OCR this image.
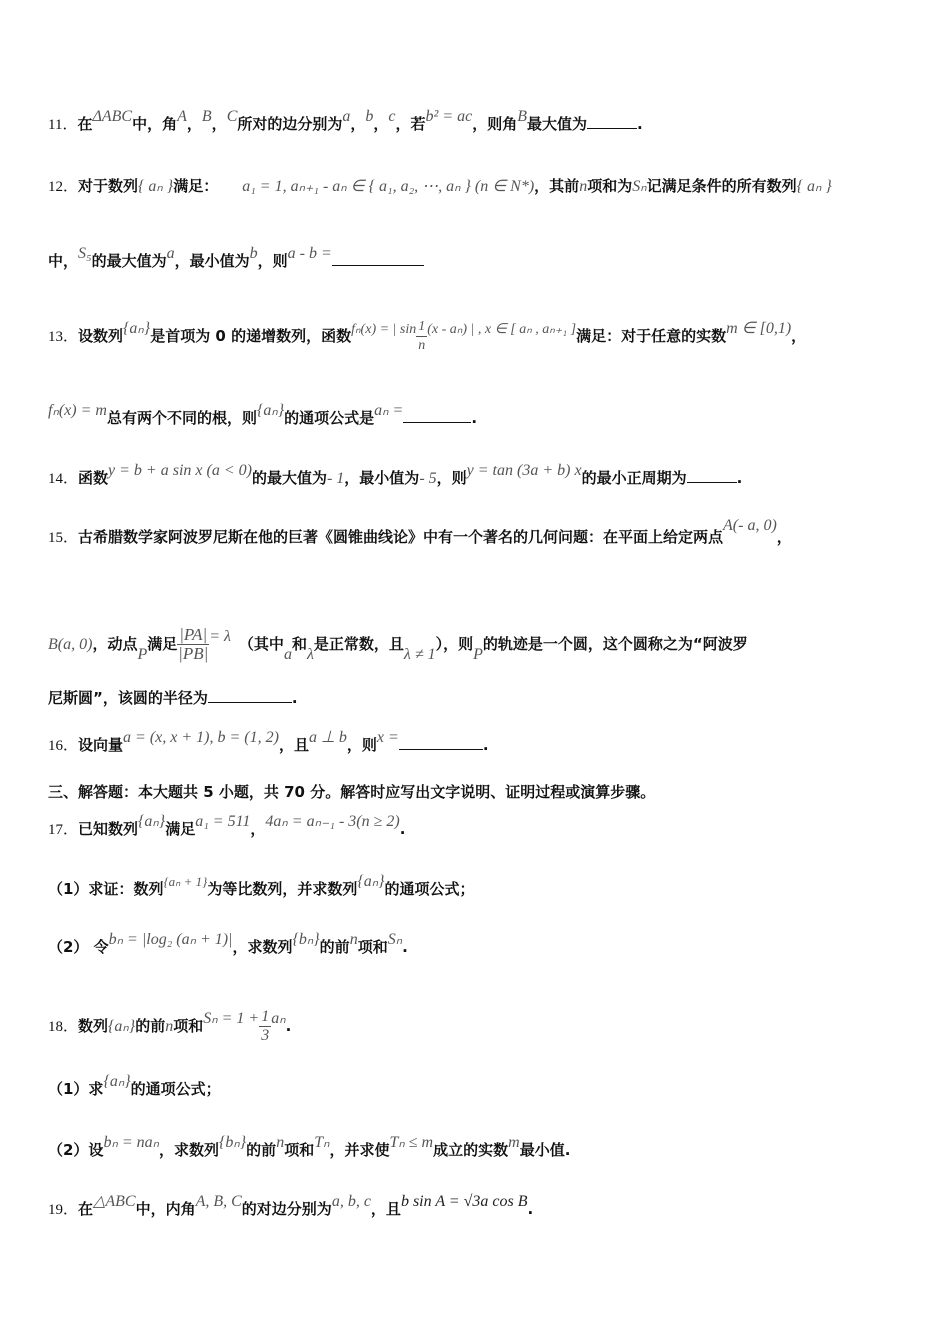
11．在ΔABC中，角A，B，C所对的边分别为a，b，c，若b² = ac，则角B最大值为	.
12．对于数列{ aₙ }满足： a₁ = 1, aₙ₊₁ - aₙ ∈ { a₁, a₂, ⋯, aₙ } (n ∈ N*)，其前n项和为Sₙ记满足条件的所有数列{ aₙ }
中，S₅的最大值为a，最小值为b，则a - b =
13．设数列{aₙ}是首项为 0 的递增数列，函数fₙ(x) = | $\sin \frac{1}{n} (x - a_n)$ | , x ∈ [ aₙ , aₙ₊₁ ]满足：对于任意的实数m ∈ [0,1)，
fₙ(x) = m总有两个不同的根，则{aₙ}的通项公式是aₙ =	.
14．函数y = b + a sin x (a < 0)的最大值为- 1，最小值为- 5，则y = tan (3a + b) x的最小正周期为	.
15．古希腊数学家阿波罗尼斯在他的巨著《圆锥曲线论》中有一个著名的几何问题：在平面上给定两点A(- a, 0)，
B(a, 0)，动点P满足 $\frac{|PA|}{|PB|} = \lambda$ （其中a和λ是正常数，且λ ≠ 1），则P的轨迹是一个圆，这个圆称之为“阿波罗
尼斯圆”，该圆的半径为	.
16．设向量a = (x, x + 1), b = (1, 2)，且a ⊥ b，则x =	.
三、解答题：本大题共 5 小题，共 70 分。解答时应写出文字说明、证明过程或演算步骤。
17．已知数列{aₙ}满足a₁ = 511，4aₙ = aₙ₋₁ - 3(n ≥ 2).
（1）求证：数列{aₙ + 1}为等比数列，并求数列{aₙ}的通项公式；
（2） 令bₙ = |log₂ (aₙ + 1)|，求数列{bₙ}的前n项和Sₙ.
18．数列{aₙ}的前n项和$S_n = 1 + \frac{1}{3} a_n$.
（1）求{aₙ}的通项公式；
（2）设bₙ = naₙ，求数列{bₙ}的前n项和Tₙ，并求使Tₙ ≤ m成立的实数m最小值.
19．在△ABC中，内角A, B, C的对边分别为a, b, c，且b sin A = √3a cos B.
